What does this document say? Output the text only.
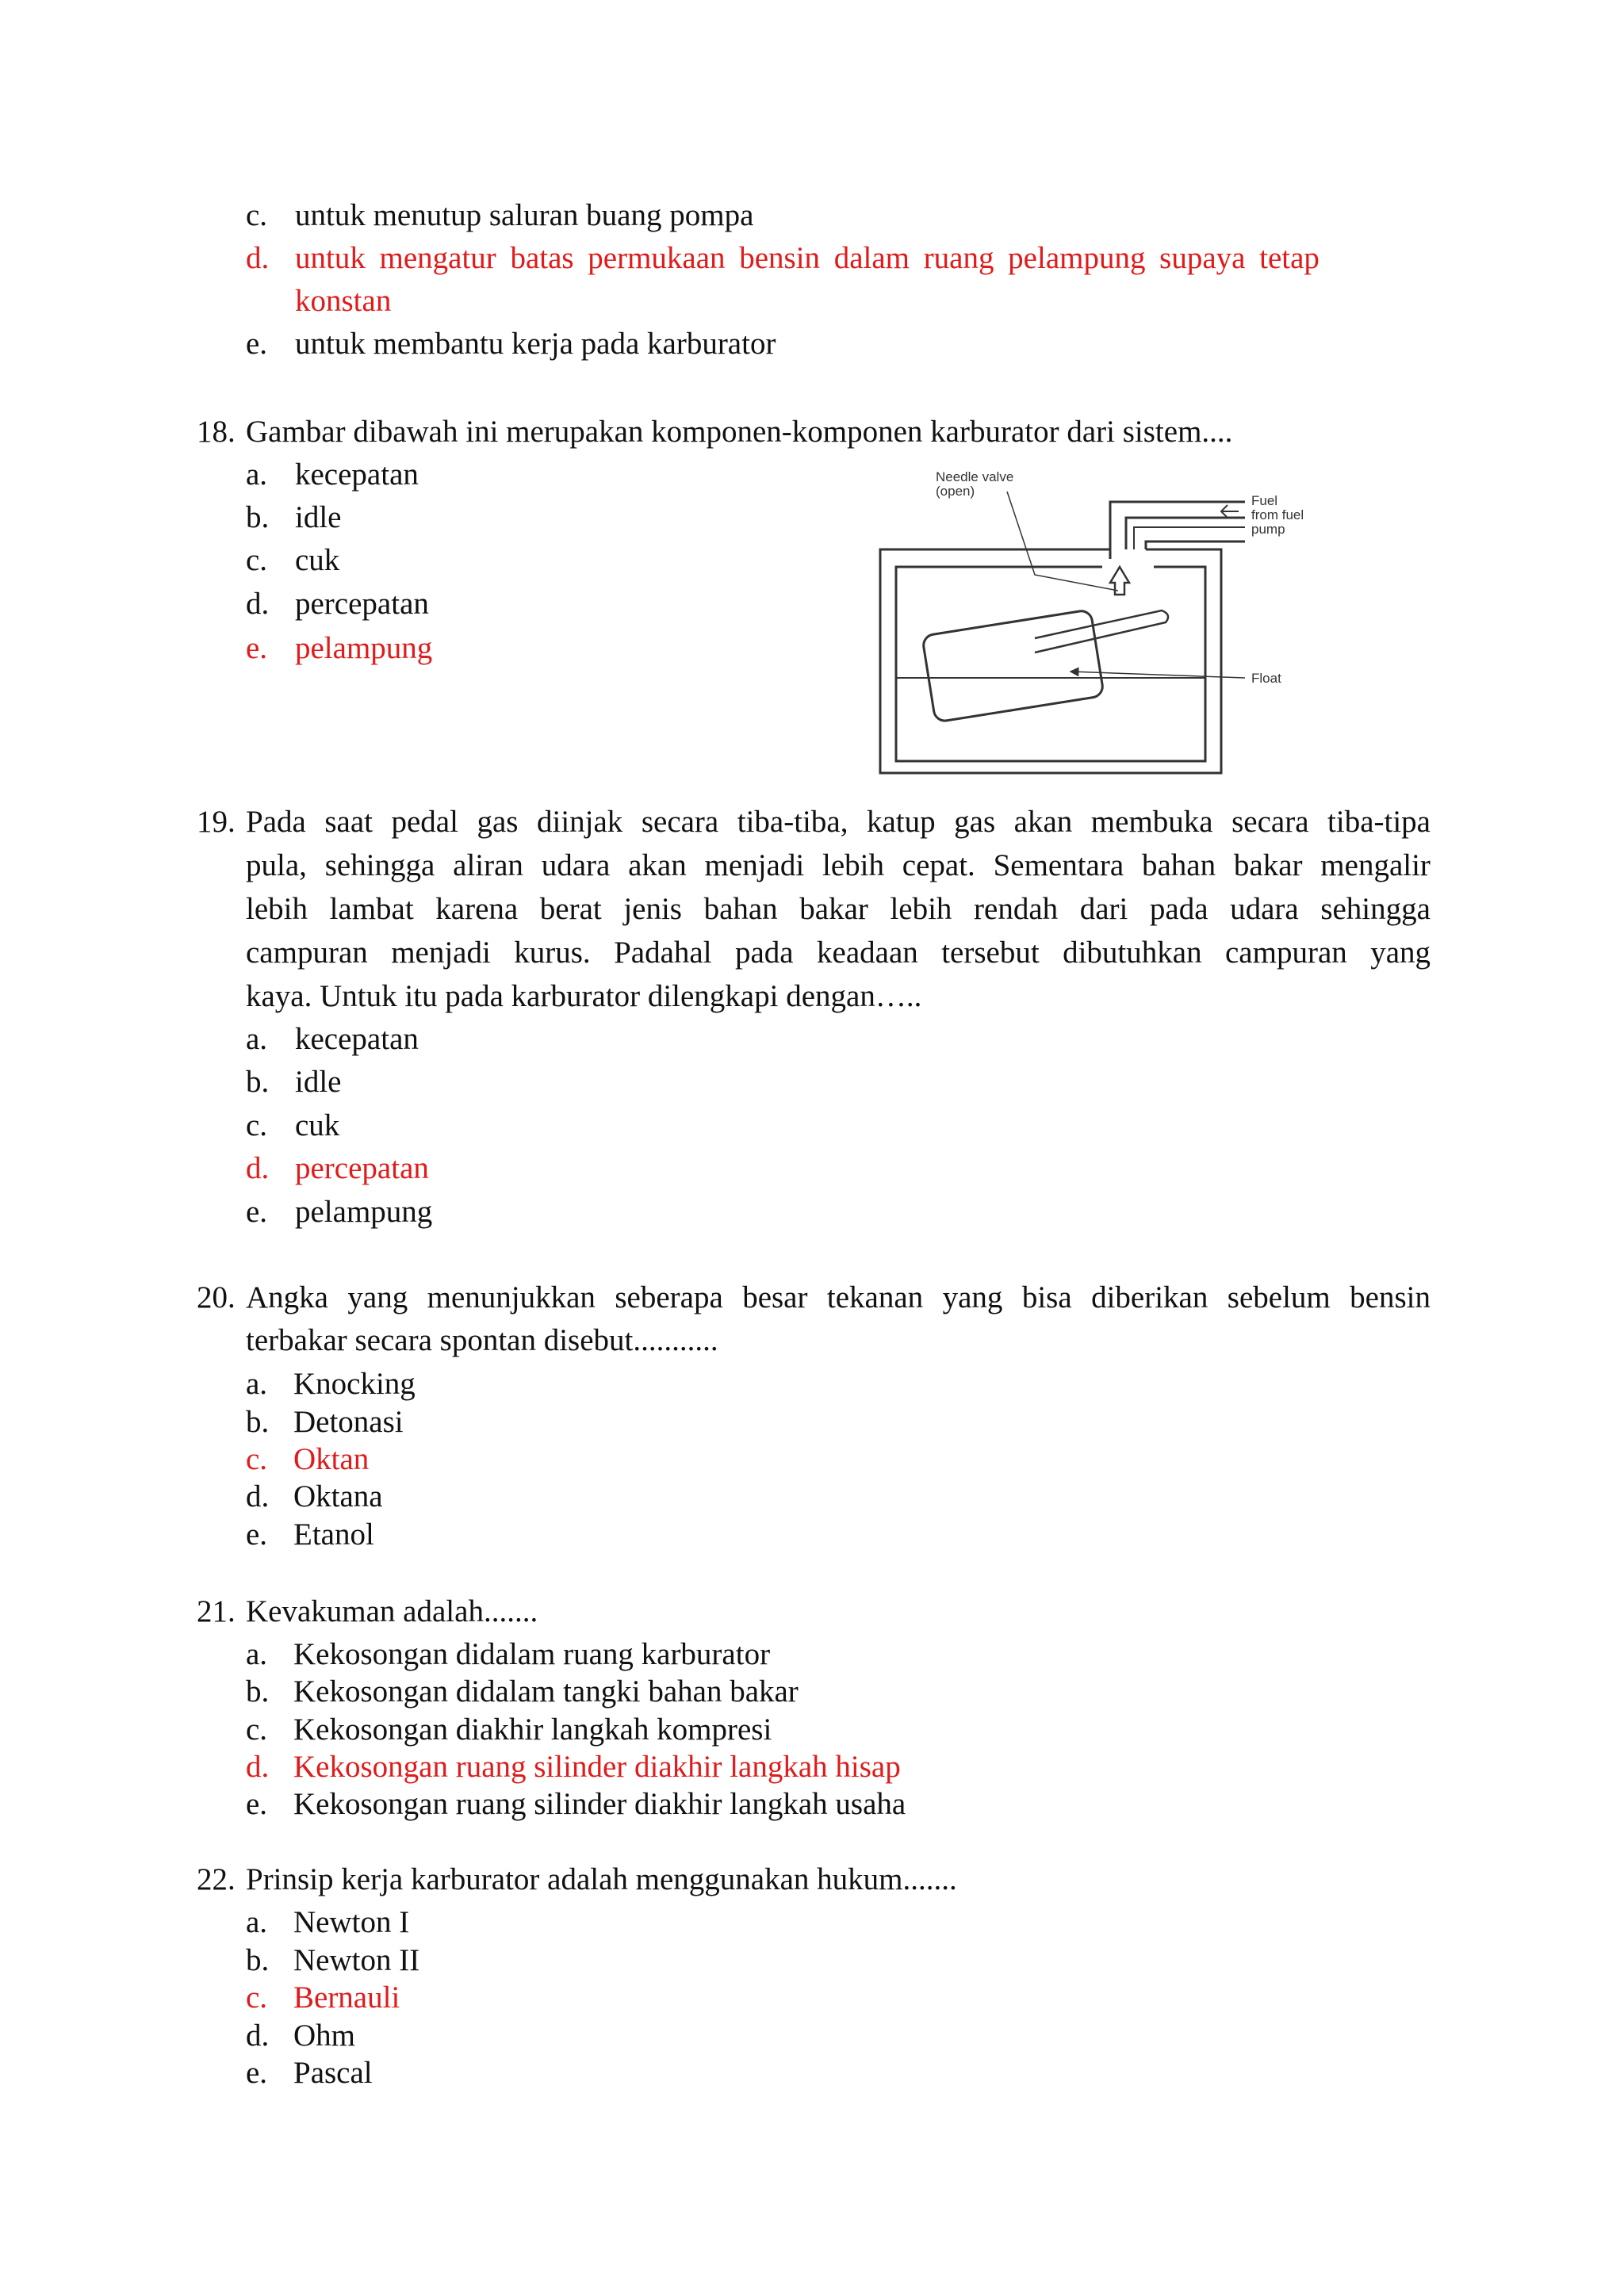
c. untuk menutup saluran buang pompa
d. untuk mengatur batas permukaan bensin dalam ruang pelampung supaya tetap
konstan
e. untuk membantu kerja pada karburator
18. Gambar dibawah ini merupakan komponen-komponen karburator dari sistem....
a. kecepatan
b. idle
c. cuk
d. percepatan
e. pelampung
Needle valve
(open)
Fuel
from fuel
pump
Float
19. Pada saat pedal gas diinjak secara tiba-tiba, katup gas akan membuka secara tiba-tipa
pula, sehingga aliran udara akan menjadi lebih cepat. Sementara bahan bakar mengalir
lebih lambat karena berat jenis bahan bakar lebih rendah dari pada udara sehingga
campuran menjadi kurus. Padahal pada keadaan tersebut dibutuhkan campuran yang
kaya. Untuk itu pada karburator dilengkapi dengan…..
a. kecepatan
b. idle
c. cuk
d. percepatan
e. pelampung
20. Angka yang menunjukkan seberapa besar tekanan yang bisa diberikan sebelum bensin
terbakar secara spontan disebut...........
a. Knocking
b. Detonasi
c. Oktan
d. Oktana
e. Etanol
21. Kevakuman adalah.......
a. Kekosongan didalam ruang karburator
b. Kekosongan didalam tangki bahan bakar
c. Kekosongan diakhir langkah kompresi
d. Kekosongan ruang silinder diakhir langkah hisap
e. Kekosongan ruang silinder diakhir langkah usaha
22. Prinsip kerja karburator adalah menggunakan hukum.......
a. Newton I
b. Newton II
c. Bernauli
d. Ohm
e. Pascal
